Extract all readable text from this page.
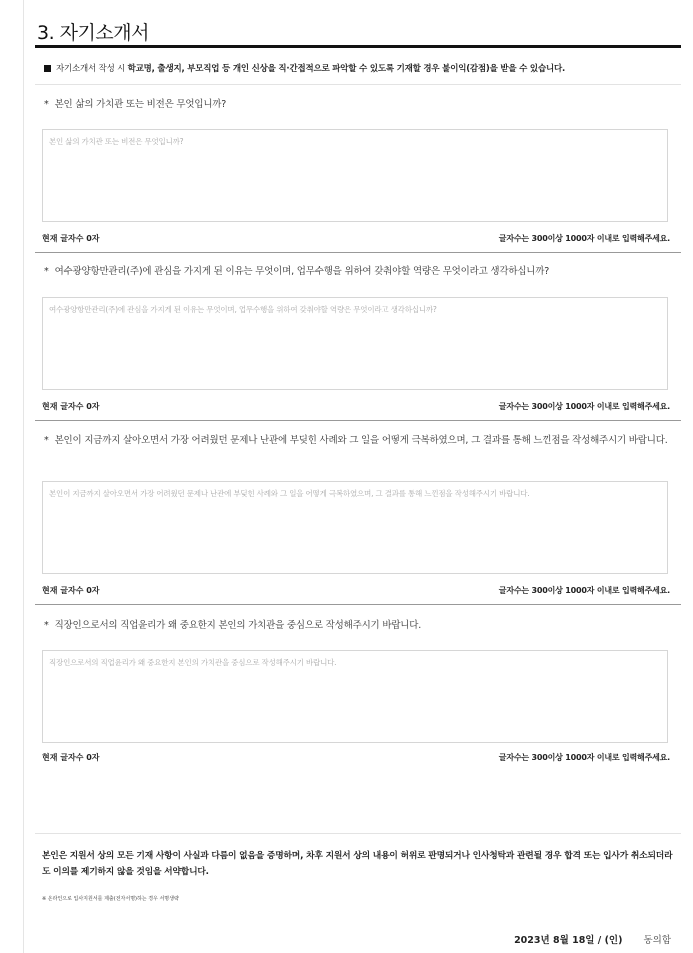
3. 자기소개서
자기소개서 작성 시 학교명, 출생지, 부모직업 등 개인 신상을 직·간접적으로 파악할 수 있도록 기재할 경우 불이익(감점)을 받을 수 있습니다.
* 본인 삶의 가치관 또는 비전은 무엇입니까?
본인 삶의 가치관 또는 비전은 무엇입니까?
현재 글자수 0자	글자수는 300이상 1000자 이내로 입력해주세요.
* 여수광양항만관리(주)에 관심을 가지게 된 이유는 무엇이며, 업무수행을 위하여 갖춰야할 역량은 무엇이라고 생각하십니까?
여수광양항만관리(주)에 관심을 가지게 된 이유는 무엇이며, 업무수행을 위하여 갖춰야할 역량은 무엇이라고 생각하십니까?
현재 글자수 0자	글자수는 300이상 1000자 이내로 입력해주세요.
* 본인이 지금까지 살아오면서 가장 어려웠던 문제나 난관에 부딪힌 사례와 그 일을 어떻게 극복하였으며, 그 결과를 통해 느낀점을 작성해주시기 바랍니다.
본인이 지금까지 살아오면서 가장 어려웠던 문제나 난관에 부딪힌 사례와 그 일을 어떻게 극복하였으며, 그 결과를 통해 느낀점을 작성해주시기 바랍니다.
현재 글자수 0자	글자수는 300이상 1000자 이내로 입력해주세요.
* 직장인으로서의 직업윤리가 왜 중요한지 본인의 가치관을 중심으로 작성해주시기 바랍니다.
직장인으로서의 직업윤리가 왜 중요한지 본인의 가치관을 중심으로 작성해주시기 바랍니다.
현재 글자수 0자	글자수는 300이상 1000자 이내로 입력해주세요.
본인은 지원서 상의 모든 기재 사항이 사실과 다름이 없음을 증명하며, 차후 지원서 상의 내용이 허위로 판명되거나 인사청탁과 관련될 경우 합격 또는 입사가 취소되더라도 이의를 제기하지 않을 것임을 서약합니다.
※ 온라인으로 입사지원서를 제출(전자서명)하는 경우 서명생략
2023년 8월 18일 / (인) 동의함
